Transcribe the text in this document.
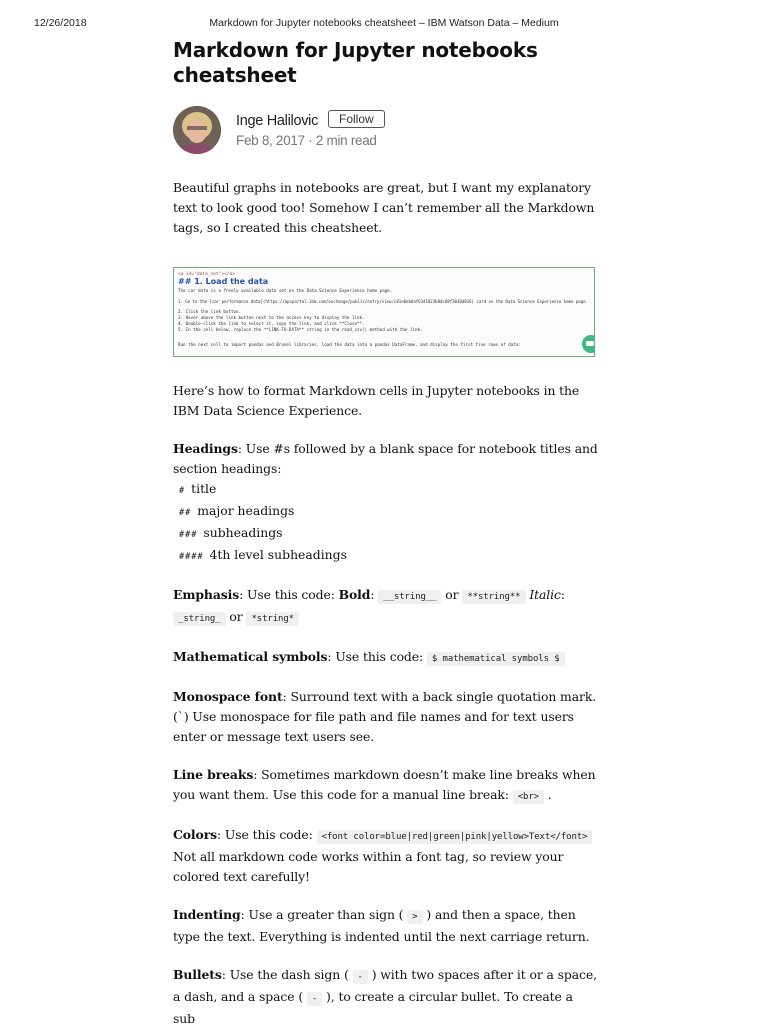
12/26/2018	Markdown for Jupyter notebooks cheatsheet – IBM Watson Data – Medium
Markdown for Jupyter notebooks cheatsheet
Inge Halilovic	Follow
Feb 8, 2017 · 2 min read

Beautiful graphs in notebooks are great, but I want my explanatory text to look good too! Somehow I can’t remember all the Markdown tags, so I created this cheatsheet.

<a id="data_set"></a>
## 1. Load the data
The car data is a freely available data set on the Data Science Experience home page.
1. Go to the [car performance data](https://apsportal.ibm.com/exchange/public/entry/view/c81e0ebdaf6341823b8dc68f3038d826) card on the Data Science Experience home page.
2. Click the link button.
3. Hover above the link button next to the access key to display the link.
4. Double-click the link to select it, copy the link, and click **Close**.
5. In the cell below, replace the **LINK-TO-DATA** string in the read_csv() method with the link.
Run the next cell to import pandas and Brunel libraries, load the data into a pandas DataFrame, and display the first five rows of data:

Here’s how to format Markdown cells in Jupyter notebooks in the IBM Data Science Experience.

Headings: Use #s followed by a blank space for notebook titles and section headings:

# title
## major headings
### subheadings
#### 4th level subheadings

Emphasis: Use this code: Bold: __string__ or **string** Italic: _string_ or *string*

Mathematical symbols: Use this code: $ mathematical symbols $

Monospace font: Surround text with a back single quotation mark. (`) Use monospace for file path and file names and for text users enter or message text users see.

Line breaks: Sometimes markdown doesn’t make line breaks when you want them. Use this code for a manual line break: <br> .

Colors: Use this code: <font color=blue|red|green|pink|yellow>Text</font> Not all markdown code works within a font tag, so review your colored text carefully!

Indenting: Use a greater than sign ( > ) and then a space, then type the text. Everything is indented until the next carriage return.

Bullets: Use the dash sign ( - ) with two spaces after it or a space, a dash, and a space ( - ), to create a circular bullet. To create a sub
